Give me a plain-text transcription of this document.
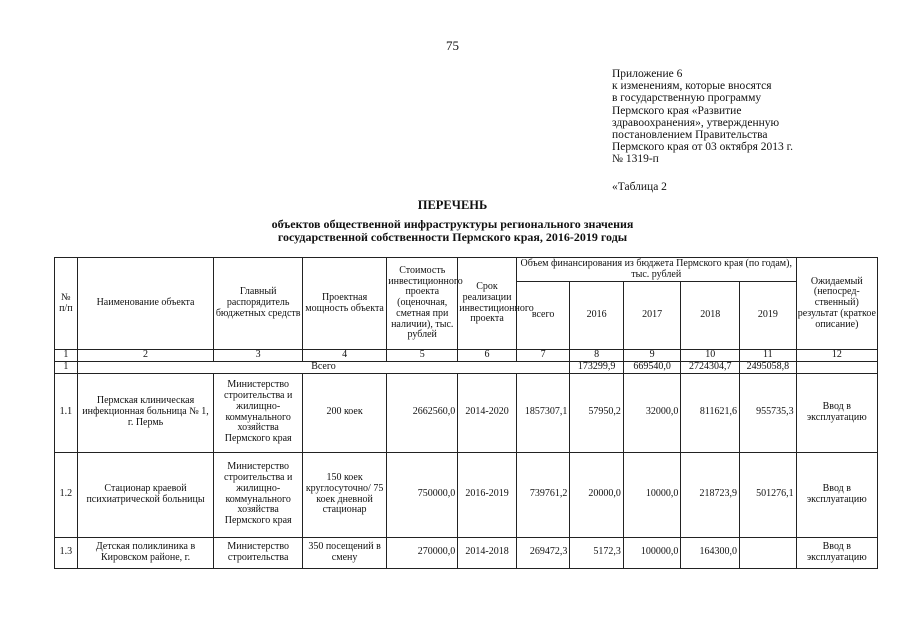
75
Приложение 6
к изменениям, которые вносятся
в государственную программу
Пермского края «Развитие
здравоохранения», утвержденную
постановлением Правительства
Пермского края от 03 октября 2013 г.
№ 1319-п
«Таблица 2
ПЕРЕЧЕНЬ
объектов общественной инфраструктуры регионального значения
государственной собственности Пермского края, 2016-2019 годы
№ п/п	Наименование объекта	Главный распорядитель бюджетных средств	Проектная мощность объекта	Стоимость инвестиционного проекта (оценочная, сметная при наличии), тыс. рублей	Срок реализации инвестиционного проекта	Объем финансирования из бюджета Пермского края (по годам), тыс. рублей					Ожидаемый (непосред-ственный) результат (краткое описание)
						всего	2016	2017	2018	2019	
1	2	3	4	5	6	7	8	9	10	11	12
1	Всего						173299,9	669540,0	2724304,7	2495058,8	
1.1	Пермская клиническая инфекционная больница № 1, г. Пермь	Министерство строительства и жилищно-коммунального хозяйства Пермского края	200 коек	2662560,0	2014-2020	1857307,1	57950,2	32000,0	811621,6	955735,3	Ввод в эксплуатацию
1.2	Стационар краевой психиатрической больницы	Министерство строительства и жилищно-коммунального хозяйства Пермского края	150 коек круглосуточно/ 75 коек дневной стационар	750000,0	2016-2019	739761,2	20000,0	10000,0	218723,9	501276,1	Ввод в эксплуатацию
1.3	Детская поликлиника в Кировском районе, г.	Министерство строительства	350 посещений в смену	270000,0	2014-2018	269472,3	5172,3	100000,0	164300,0		Ввод в эксплуатацию
